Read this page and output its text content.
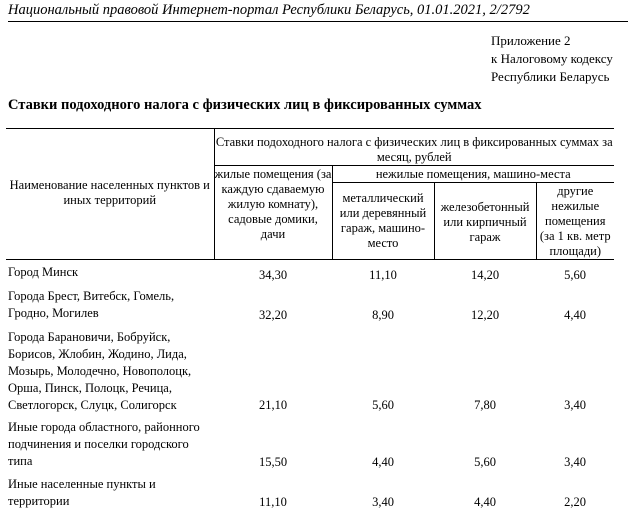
Национальный правовой Интернет-портал Республики Беларусь, 01.01.2021, 2/2792
Приложение 2
к Налоговому кодексу
Республики Беларусь
Ставки подоходного налога с физических лиц в фиксированных суммах
Наименование населенных пунктов и иных территорий	Ставки подоходного налога с физических лиц в фиксированных суммах за месяц, рублей			
	жилые помещения (за каждую сдаваемую жилую комнату), садовые домики, дачи	нежилые помещения, машино-места		
		металлический или деревянный гараж, машино-место	железобетонный или кирпичный гараж	другие нежилые помещения (за 1 кв. метр площади)

Город Минск	34,30	11,10	14,20	5,60
Города Брест, Витебск, Гомель, Гродно, Могилев	32,20	8,90	12,20	4,40
Города Барановичи, Бобруйск, Борисов, Жлобин, Жодино, Лида, Мозырь, Молодечно, Новополоцк, Орша, Пинск, Полоцк, Речица, Светлогорск, Слуцк, Солигорск	21,10	5,60	7,80	3,40
Иные города областного, районного подчинения и поселки городского типа	15,50	4,40	5,60	3,40
Иные населенные пункты и территории	11,10	3,40	4,40	2,20
